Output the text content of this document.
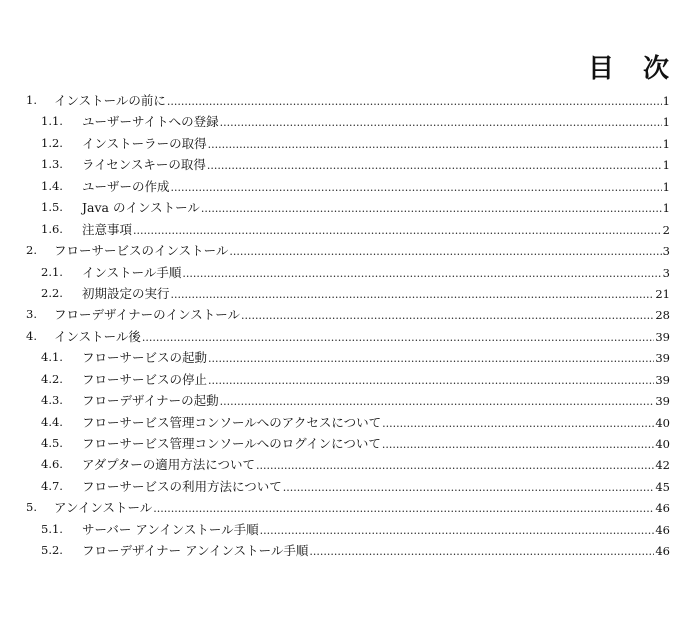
目 次
1.	インストールの前に .....	1
1.1.	ユーザーサイトへの登録 .....	1
1.2.	インストーラーの取得 .....	1
1.3.	ライセンスキーの取得 .....	1
1.4.	ユーザーの作成 .....	1
1.5.	Java のインストール .....	1
1.6.	注意事項 .....	2
2.	フローサービスのインストール .....	3
2.1.	インストール手順 .....	3
2.2.	初期設定の実行 .....	21
3.	フローデザイナーのインストール .....	28
4.	インストール後 .....	39
4.1.	フローサービスの起動 .....	39
4.2.	フローサービスの停止 .....	39
4.3.	フローデザイナーの起動 .....	39
4.4.	フローサービス管理コンソールへのアクセスについて .....	40
4.5.	フローサービス管理コンソールへのログインについて .....	40
4.6.	アダプターの適用方法について .....	42
4.7.	フローサービスの利用方法について .....	45
5.	アンインストール .....	46
5.1.	サーバー アンインストール手順 .....	46
5.2.	フローデザイナー アンインストール手順 .....	46
